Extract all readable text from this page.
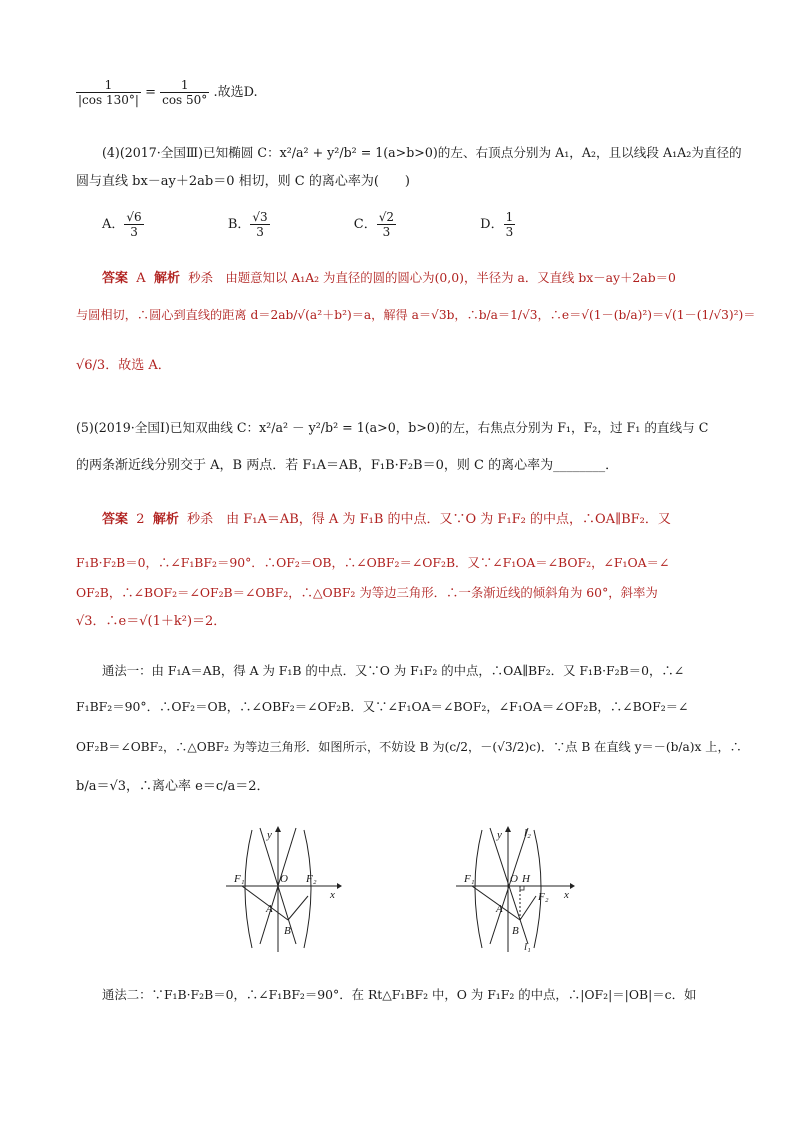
$\frac{1}{|\cos 130^\circ|} = \frac{1}{\cos 50^\circ}$ .故选D.
(4)(2017·全国Ⅲ)已知椭圆 C：x²/a² + y²/b² = 1(a>b>0)的左、右顶点分别为 A₁，A₂，且以线段 A₁A₂为直径的
圆与直线 bx－ay＋2ab＝0 相切，则 C 的离心率为(　　)
A． $\frac{√6}{3}$	B． $\frac{√3}{3}$	C． $\frac{√2}{3}$	D． $\frac{1}{3}$
答案 A 解析 秒杀　由题意知以 A₁A₂ 为直径的圆的圆心为(0,0)，半径为 a．又直线 bx－ay＋2ab＝0
与圆相切，∴圆心到直线的距离 d＝2ab/√(a²＋b²)＝a，解得 a＝√3b，∴b/a＝1/√3，∴e＝√(1－(b/a)²)＝√(1－(1/√3)²)＝
√6/3．故选 A．
(5)(2019·全国Ⅰ)已知双曲线 C：x²/a² － y²/b² = 1(a>0，b>0)的左，右焦点分别为 F₁，F₂，过 F₁ 的直线与 C
的两条渐近线分别交于 A，B 两点．若 F₁A＝AB，F₁B·F₂B＝0，则 C 的离心率为________．
答案 2 解析 秒杀　由 F₁A＝AB，得 A 为 F₁B 的中点．又∵O 为 F₁F₂ 的中点，∴OA∥BF₂．又
F₁B·F₂B＝0，∴∠F₁BF₂＝90°．∴OF₂＝OB，∴∠OBF₂＝∠OF₂B．又∵∠F₁OA＝∠BOF₂，∠F₁OA＝∠
OF₂B，∴∠BOF₂＝∠OF₂B＝∠OBF₂，∴△OBF₂ 为等边三角形．∴一条渐近线的倾斜角为 60°，斜率为
√3．∴e＝√(1＋k²)＝2．
通法一：由 F₁A＝AB，得 A 为 F₁B 的中点．又∵O 为 F₁F₂ 的中点，∴OA∥BF₂．又 F₁B·F₂B＝0，∴∠
F₁BF₂＝90°．∴OF₂＝OB，∴∠OBF₂＝∠OF₂B．又∵∠F₁OA＝∠BOF₂，∠F₁OA＝∠OF₂B，∴∠BOF₂＝∠
OF₂B＝∠OBF₂，∴△OBF₂ 为等边三角形．如图所示，不妨设 B 为(c/2，－(√3/2)c)．∵点 B 在直线 y＝－(b/a)x 上，∴
b/a＝√3，∴离心率 e＝c/a＝2．
F₁	O F₂
x
y
A
B
F₁	O H
F₂ x
y l₂
l₁
A
B
通法二：∵F₁B·F₂B＝0，∴∠F₁BF₂＝90°．在 Rt△F₁BF₂ 中，O 为 F₁F₂ 的中点，∴|OF₂|＝|OB|＝c．如
